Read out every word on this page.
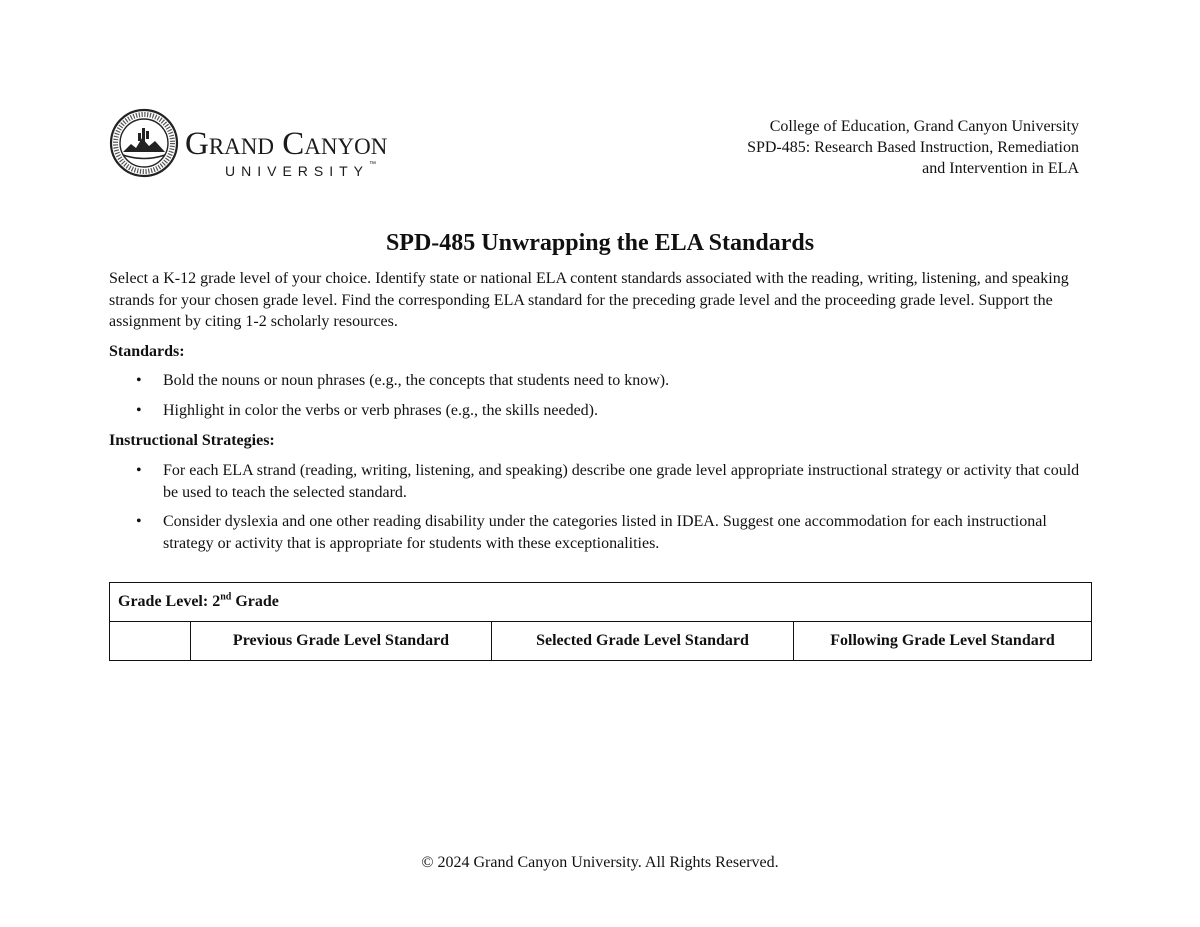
Grand Canyon
UNIVERSITY™
College of Education, Grand Canyon University
SPD-485: Research Based Instruction, Remediation
and Intervention in ELA
SPD-485 Unwrapping the ELA Standards

Select a K-12 grade level of your choice. Identify state or national ELA content standards associated with the reading, writing, listening, and speaking strands for your chosen grade level. Find the corresponding ELA standard for the preceding grade level and the proceeding grade level. Support the assignment by citing 1-2 scholarly resources.

Standards:
• Bold the nouns or noun phrases (e.g., the concepts that students need to know).
• Highlight in color the verbs or verb phrases (e.g., the skills needed).
Instructional Strategies:
• For each ELA strand (reading, writing, listening, and speaking) describe one grade level appropriate instructional strategy or activity that could be used to teach the selected standard.
• Consider dyslexia and one other reading disability under the categories listed in IDEA. Suggest one accommodation for each instructional strategy or activity that is appropriate for students with these exceptionalities.
Grade Level: 2nd Grade
	Previous Grade Level Standard	Selected Grade Level Standard	Following Grade Level Standard
© 2024 Grand Canyon University. All Rights Reserved.
